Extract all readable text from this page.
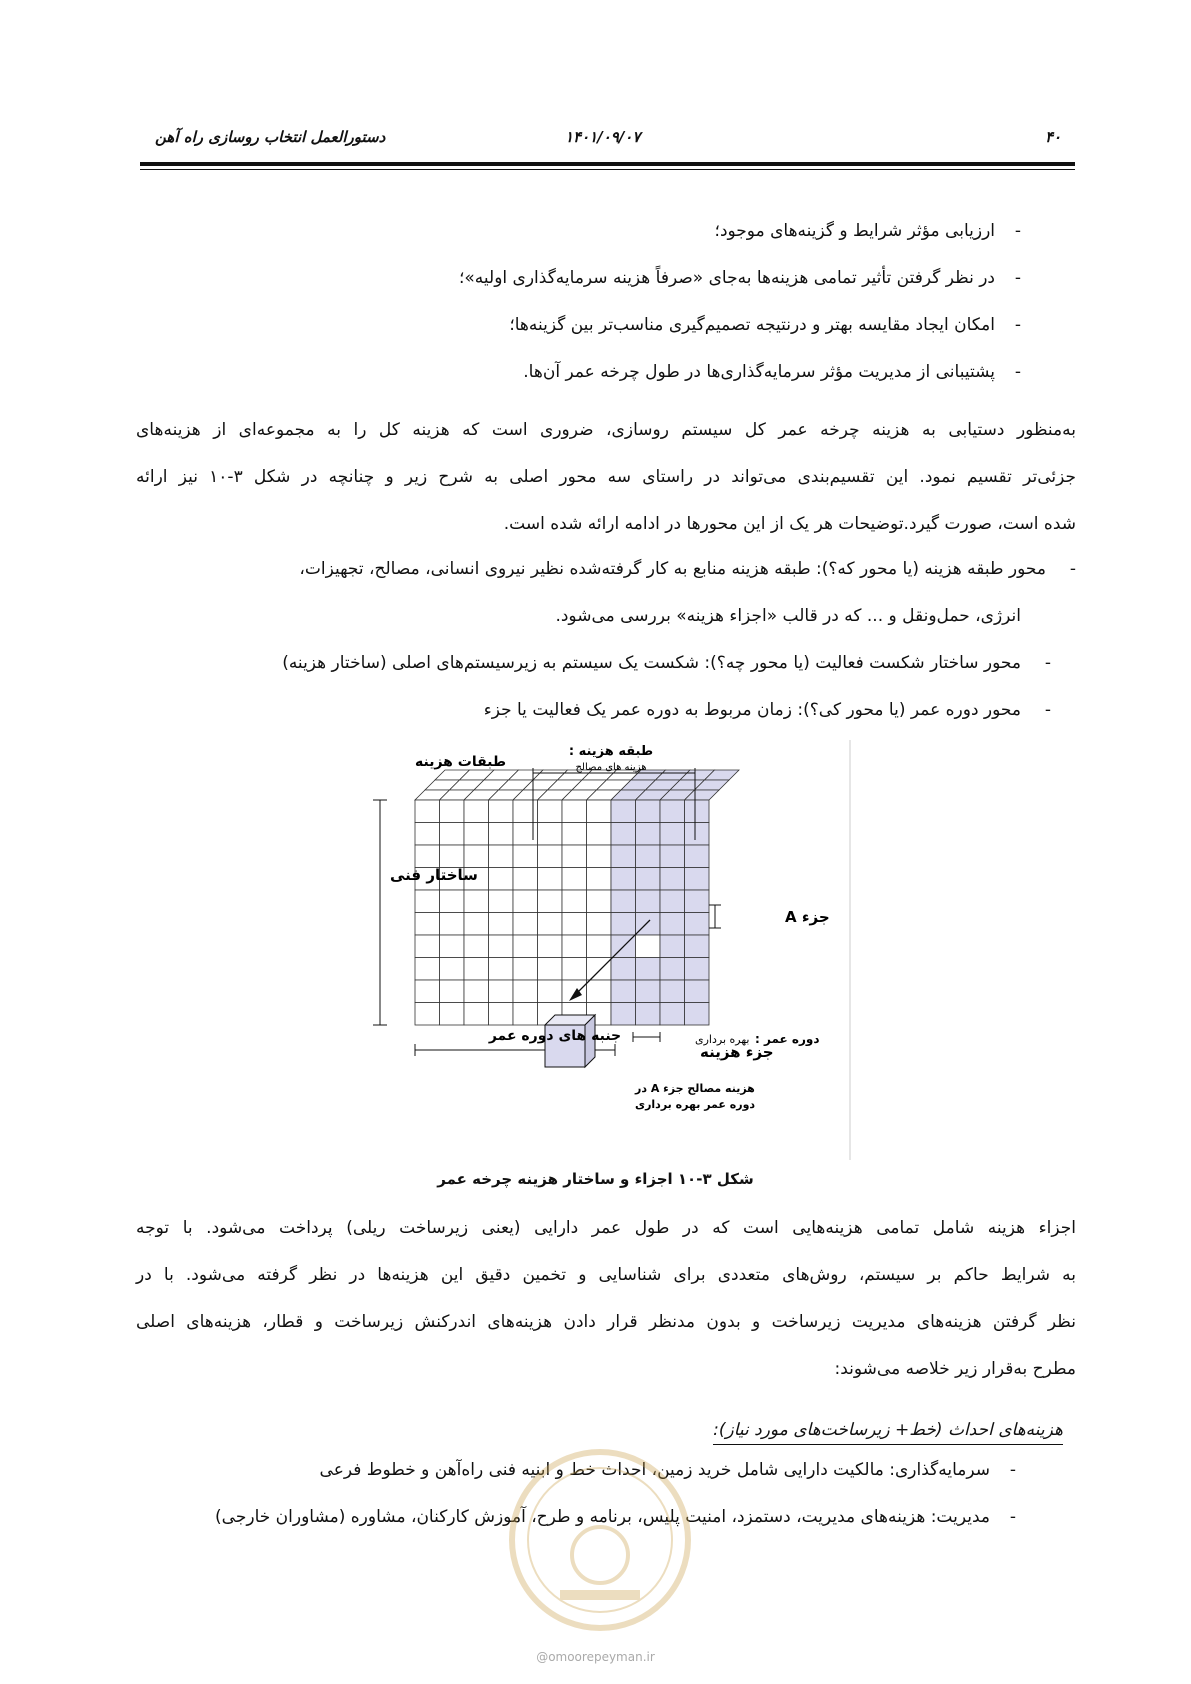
دستورالعمل انتخاب روسازی راه آهن	۱۴۰۱/۰۹/۰۷	۴۰
-ارزیابی مؤثر شرایط و گزینه‌های موجود؛
-در نظر گرفتن تأثیر تمامی هزینه‌ها به‌جای «صرفاً هزینه سرمایه‌گذاری اولیه»؛
-امکان ایجاد مقایسه بهتر و درنتیجه تصمیم‌گیری مناسب‌تر بین گزینه‌ها؛
-پشتیبانی از مدیریت مؤثر سرمایه‌گذاری‌ها در طول چرخه عمر آن‌ها.
به‌منظور دستیابی به هزینه چرخه عمر کل سیستم روسازی، ضروری است که هزینه کل را به مجموعه‌ای از هزینه‌های
جزئی‌تر تقسیم نمود. این تقسیم‌بندی می‌تواند در راستای سه محور اصلی به شرح زیر و چنانچه در شکل ۳-۱۰ نیز ارائه
شده است، صورت گیرد.توضیحات هر یک از این محورها در ادامه ارائه شده است.
-محور طبقه هزینه (یا محور که؟): طبقه هزینه منابع به کار گرفته‌شده نظیر نیروی انسانی، مصالح، تجهیزات،
انرژی، حمل‌ونقل و ... که در قالب «اجزاء هزینه» بررسی می‌شود.
-محور ساختار شکست فعالیت (یا محور چه؟): شکست یک سیستم به زیرسیستم‌های اصلی (ساختار هزینه)
-محور دوره عمر (یا محور کی؟): زمان مربوط به دوره عمر یک فعالیت یا جزء
طبقه هزینه :
هزینه های مصالح
طبقات هزینه
ساختار فنی
جزء A
جنبه های دوره عمر	دوره عمر :
بهره برداری
جزء هزینه
هزینه مصالح جزء A در
دوره عمر بهره برداری
شکل ۳-۱۰ اجزاء و ساختار هزینه چرخه عمر
اجزاء هزینه شامل تمامی هزینه‌هایی است که در طول عمر دارایی (یعنی زیرساخت ریلی) پرداخت می‌شود. با توجه
به شرایط حاکم بر سیستم، روش‌های متعددی برای شناسایی و تخمین دقیق این هزینه‌ها در نظر گرفته می‌شود. با در
نظر گرفتن هزینه‌های مدیریت زیرساخت و بدون مدنظر قرار دادن هزینه‌های اندرکنش زیرساخت و قطار، هزینه‌های اصلی
مطرح به‌قرار زیر خلاصه می‌شوند:
هزینه‌های احداث (خط+ زیرساخت‌های مورد نیاز):
-سرمایه‌گذاری: مالکیت دارایی شامل خرید زمین، احداث خط و ابنیه فنی راه‌آهن و خطوط فرعی
-مدیریت: هزینه‌های مدیریت، دستمزد، امنیت پلیس، برنامه و طرح، آموزش کارکنان، مشاوره (مشاوران خارجی)
@omoorepeyman.ir
